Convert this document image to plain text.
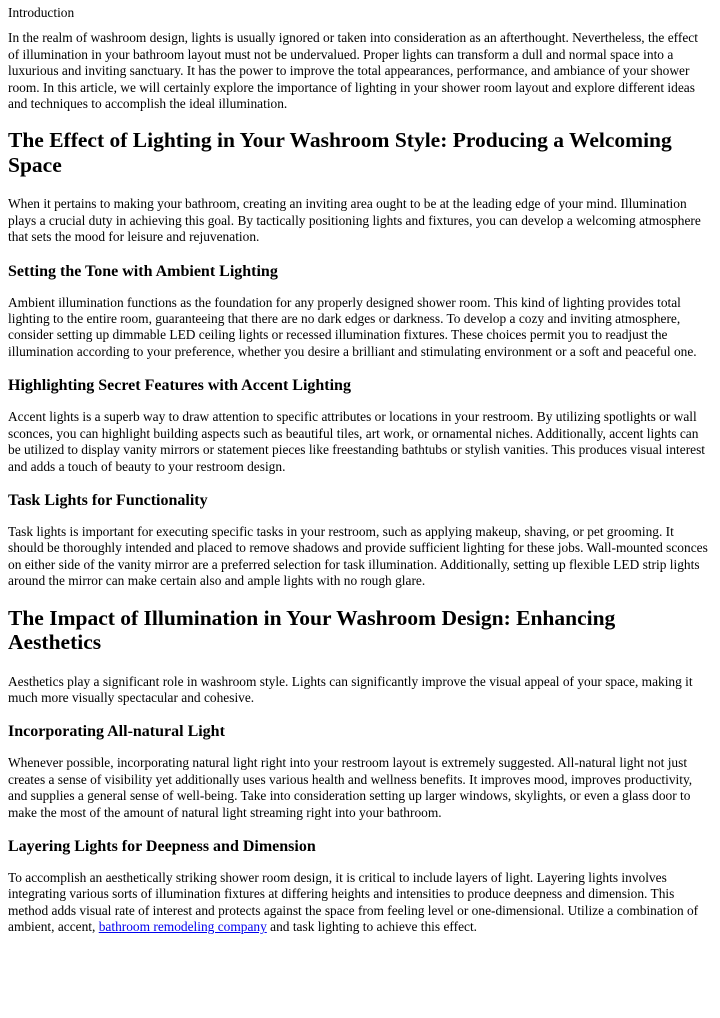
Introduction

In the realm of washroom design, lights is usually ignored or taken into consideration as an afterthought. Nevertheless, the effect of illumination in your bathroom layout must not be undervalued. Proper lights can transform a dull and normal space into a luxurious and inviting sanctuary. It has the power to improve the total appearances, performance, and ambiance of your shower room. In this article, we will certainly explore the importance of lighting in your shower room layout and explore different ideas and techniques to accomplish the ideal illumination.

The Effect of Lighting in Your Washroom Style: Producing a Welcoming Space

When it pertains to making your bathroom, creating an inviting area ought to be at the leading edge of your mind. Illumination plays a crucial duty in achieving this goal. By tactically positioning lights and fixtures, you can develop a welcoming atmosphere that sets the mood for leisure and rejuvenation.

Setting the Tone with Ambient Lighting

Ambient illumination functions as the foundation for any properly designed shower room. This kind of lighting provides total lighting to the entire room, guaranteeing that there are no dark edges or darkness. To develop a cozy and inviting atmosphere, consider setting up dimmable LED ceiling lights or recessed illumination fixtures. These choices permit you to readjust the illumination according to your preference, whether you desire a brilliant and stimulating environment or a soft and peaceful one.

Highlighting Secret Features with Accent Lighting

Accent lights is a superb way to draw attention to specific attributes or locations in your restroom. By utilizing spotlights or wall sconces, you can highlight building aspects such as beautiful tiles, art work, or ornamental niches. Additionally, accent lights can be utilized to display vanity mirrors or statement pieces like freestanding bathtubs or stylish vanities. This produces visual interest and adds a touch of beauty to your restroom design.

Task Lights for Functionality

Task lights is important for executing specific tasks in your restroom, such as applying makeup, shaving, or pet grooming. It should be thoroughly intended and placed to remove shadows and provide sufficient lighting for these jobs. Wall-mounted sconces on either side of the vanity mirror are a preferred selection for task illumination. Additionally, setting up flexible LED strip lights around the mirror can make certain also and ample lights with no rough glare.

The Impact of Illumination in Your Washroom Design: Enhancing Aesthetics

Aesthetics play a significant role in washroom style. Lights can significantly improve the visual appeal of your space, making it much more visually spectacular and cohesive.

Incorporating All-natural Light

Whenever possible, incorporating natural light right into your restroom layout is extremely suggested. All-natural light not just creates a sense of visibility yet additionally uses various health and wellness benefits. It improves mood, improves productivity, and supplies a general sense of well-being. Take into consideration setting up larger windows, skylights, or even a glass door to make the most of the amount of natural light streaming right into your bathroom.

Layering Lights for Deepness and Dimension

To accomplish an aesthetically striking shower room design, it is critical to include layers of light. Layering lights involves integrating various sorts of illumination fixtures at differing heights and intensities to produce deepness and dimension. This method adds visual rate of interest and protects against the space from feeling level or one-dimensional. Utilize a combination of ambient, accent, bathroom remodeling company and task lighting to achieve this effect.
